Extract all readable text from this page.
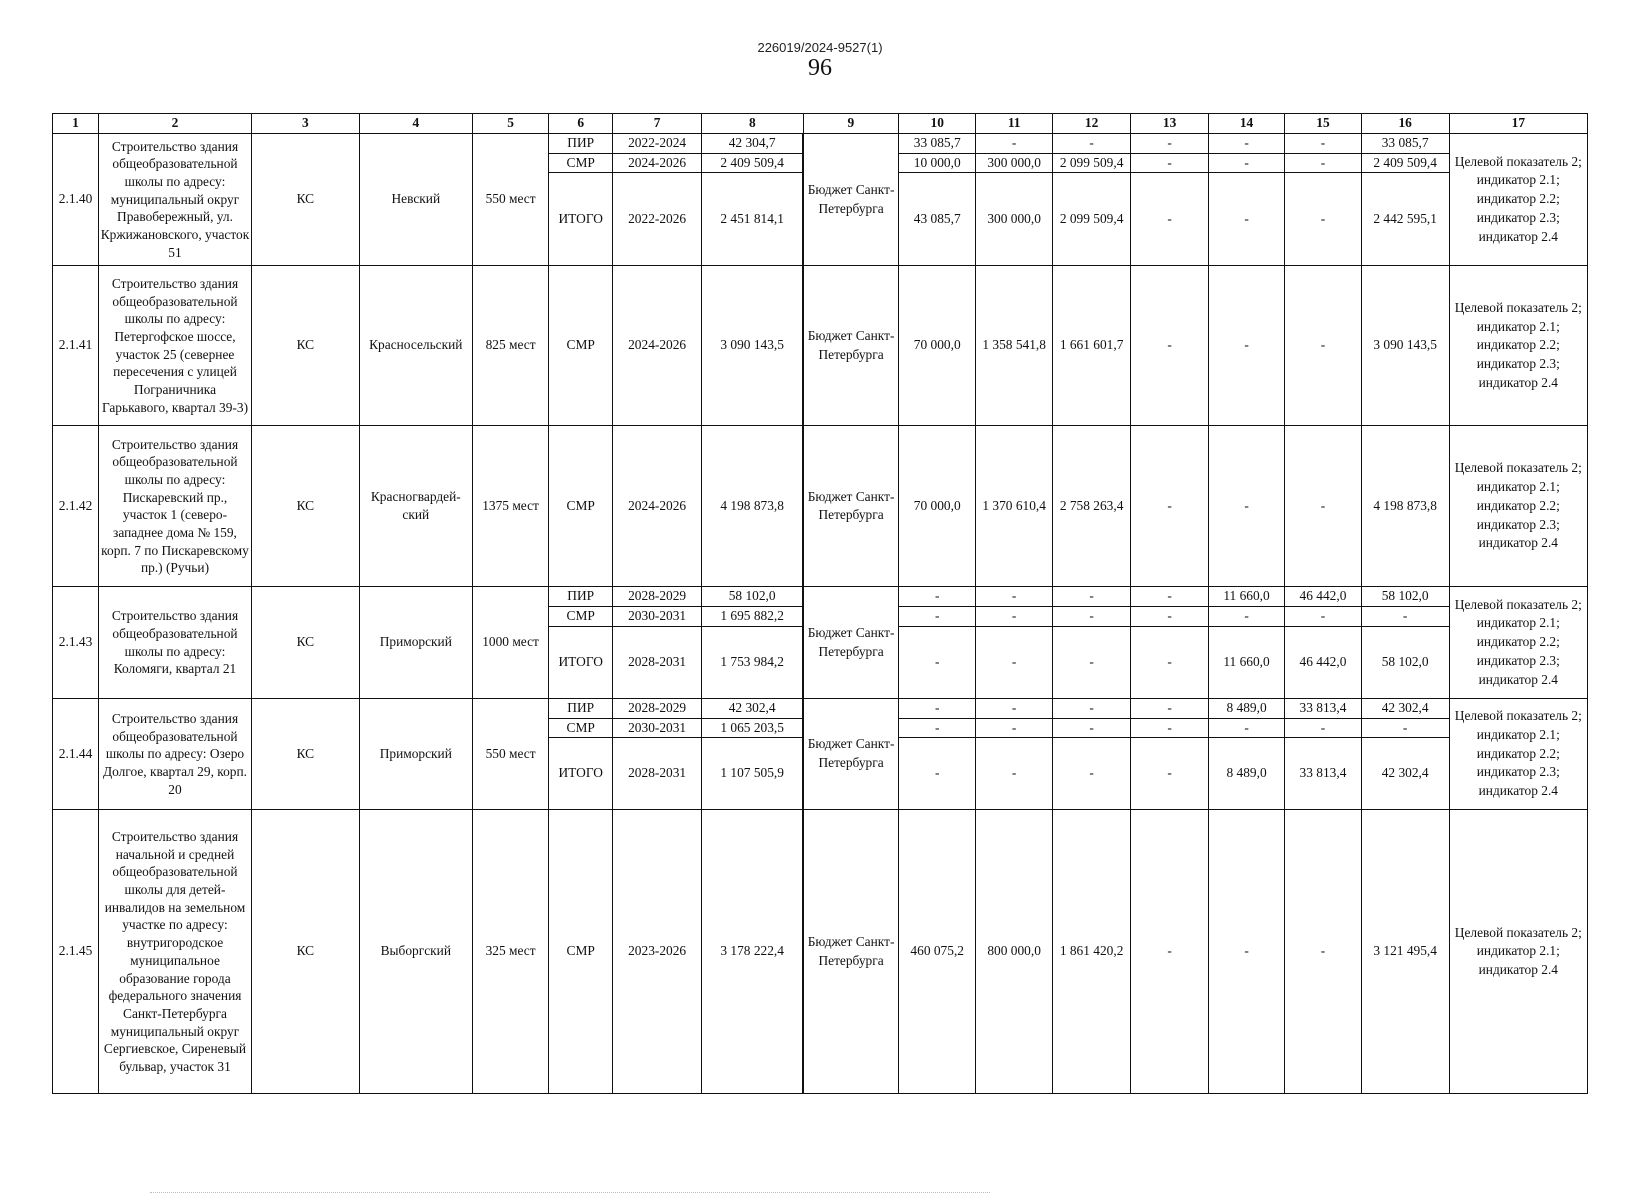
226019/2024-9527(1)
96
1	2	3	4	5	6	7	8	9	10	11	12	13	14	15	16	17
2.1.40	Строительство здания общеобразовательной школы по адресу: муниципальный округ Правобережный, ул. Кржижановского, участок 51	КС	Невский	550 мест	ПИР	2022-2024	42 304,7	Бюджет Санкт-Петербурга	33 085,7	-	-	-	-	-	33 085,7	Целевой показатель 2; индикатор 2.1; индикатор 2.2; индикатор 2.3; индикатор 2.4
					СМР	2024-2026	2 409 509,4		10 000,0	300 000,0	2 099 509,4	-	-	-	2 409 509,4	
					ИТОГО	2022-2026	2 451 814,1		43 085,7	300 000,0	2 099 509,4	-	-	-	2 442 595,1	
2.1.41	Строительство здания общеобразовательной школы по адресу: Петергофское шоссе, участок 25 (севернее пересечения с улицей Пограничника Гарькавого, квартал 39-3)	КС	Красносельский	825 мест	СМР	2024-2026	3 090 143,5	Бюджет Санкт-Петербурга	70 000,0	1 358 541,8	1 661 601,7	-	-	-	3 090 143,5	Целевой показатель 2; индикатор 2.1; индикатор 2.2; индикатор 2.3; индикатор 2.4
2.1.42	Строительство здания общеобразовательной школы по адресу: Пискаревский пр., участок 1 (северо-западнее дома № 159, корп. 7 по Пискаревскому пр.) (Ручьи)	КС	Красногвардей-ский	1375 мест	СМР	2024-2026	4 198 873,8	Бюджет Санкт-Петербурга	70 000,0	1 370 610,4	2 758 263,4	-	-	-	4 198 873,8	Целевой показатель 2; индикатор 2.1; индикатор 2.2; индикатор 2.3; индикатор 2.4
2.1.43	Строительство здания общеобразовательной школы по адресу: Коломяги, квартал 21	КС	Приморский	1000 мест	ПИР	2028-2029	58 102,0	Бюджет Санкт-Петербурга	-	-	-	-	11 660,0	46 442,0	58 102,0	Целевой показатель 2; индикатор 2.1; индикатор 2.2; индикатор 2.3; индикатор 2.4
					СМР	2030-2031	1 695 882,2		-	-	-	-	-	-	-	
					ИТОГО	2028-2031	1 753 984,2		-	-	-	-	11 660,0	46 442,0	58 102,0	
2.1.44	Строительство здания общеобразовательной школы по адресу: Озеро Долгое, квартал 29, корп. 20	КС	Приморский	550 мест	ПИР	2028-2029	42 302,4	Бюджет Санкт-Петербурга	-	-	-	-	8 489,0	33 813,4	42 302,4	Целевой показатель 2; индикатор 2.1; индикатор 2.2; индикатор 2.3; индикатор 2.4
					СМР	2030-2031	1 065 203,5		-	-	-	-	-	-	-	
					ИТОГО	2028-2031	1 107 505,9		-	-	-	-	8 489,0	33 813,4	42 302,4	
2.1.45	Строительство здания начальной и средней общеобразовательной школы для детей-инвалидов на земельном участке по адресу: внутригородское муниципальное образование города федерального значения Санкт-Петербурга муниципальный округ Сергиевское, Сиреневый бульвар, участок 31	КС	Выборгский	325 мест	СМР	2023-2026	3 178 222,4	Бюджет Санкт-Петербурга	460 075,2	800 000,0	1 861 420,2	-	-	-	3 121 495,4	Целевой показатель 2; индикатор 2.1; индикатор 2.4
